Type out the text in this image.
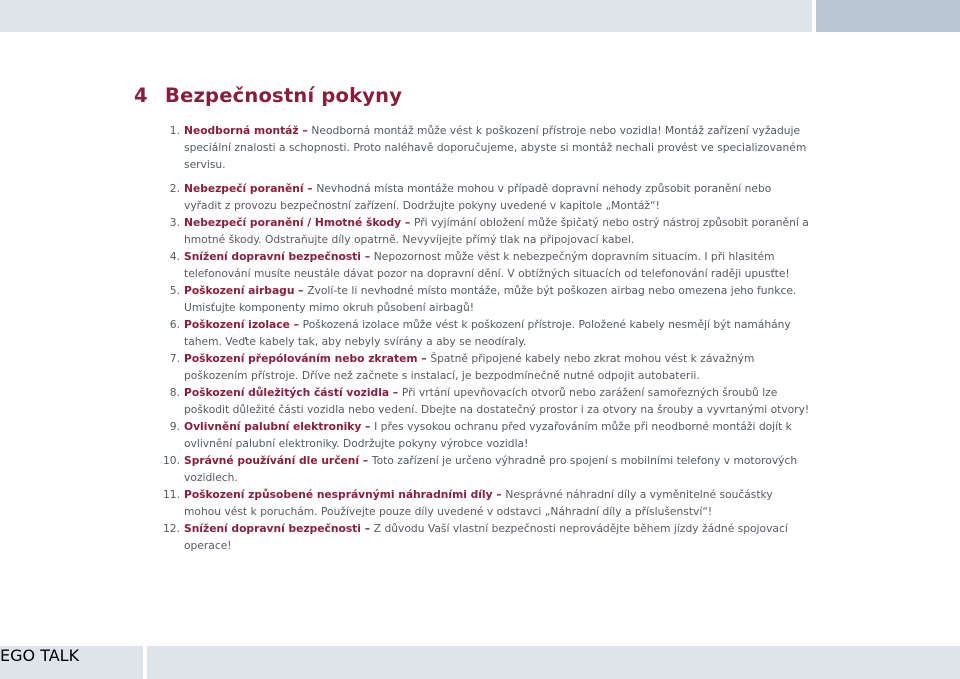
4 Bezpečnostní pokyny
1. Neodborná montáž – Neodborná montáž může vést k poškození přístroje nebo vozidla! Montáž zařízení vyžaduje speciální znalosti a schopnosti. Proto naléhavě doporučujeme, abyste si montáž nechali provést ve specializovaném servisu.
2. Nebezpečí poranění – Nevhodná místa montáže mohou v případě dopravní nehody způsobit poranění nebo vyřadit z provozu bezpečnostní zařízení. Dodržujte pokyny uvedené v kapitole „Montáž“!
3. Nebezpečí poranění / Hmotné škody – Při vyjímání obložení může špičatý nebo ostrý nástroj způsobit poranění a hmotné škody. Odstraňujte díly opatrně. Nevyvíjejte přímý tlak na připojovací kabel.
4. Snížení dopravní bezpečnosti – Nepozornost může vést k nebezpečným dopravním situacím. I při hlasitém telefonování musíte neustále dávat pozor na dopravní dění. V obtížných situacích od telefonování raději upusťte!
5. Poškození airbagu – Zvolí-te li nevhodné místo montáže, může být poškozen airbag nebo omezena jeho funkce. Umisťujte komponenty mimo okruh působení airbagů!
6. Poškození izolace – Poškozená izolace může vést k poškození přístroje. Položené kabely nesmějí být namáhány tahem. Veďte kabely tak, aby nebyly svírány a aby se neodíraly.
7. Poškození přepólováním nebo zkratem – Špatně připojené kabely nebo zkrat mohou vést k závažným poškozením přístroje. Dříve než začnete s instalací, je bezpodmínečně nutné odpojit autobaterii.
8. Poškození důležitých částí vozidla – Při vrtání upevňovacích otvorů nebo zarážení samořezných šroubů lze poškodit důležité části vozidla nebo vedení. Dbejte na dostatečný prostor i za otvory na šrouby a vyvrtanými otvory!
9. Ovlivnění palubní elektroniky – I přes vysokou ochranu před vyzařováním může při neodborné montáži dojít k ovlivnění palubní elektroniky. Dodržujte pokyny výrobce vozidla!
10. Správné používání dle určení – Toto zařízení je určeno výhradně pro spojení s mobilními telefony v motorových vozidlech.
11. Poškození způsobené nesprávnými náhradními díly – Nesprávné náhradní díly a vyměnitelné součástky mohou vést k poruchám. Používejte pouze díly uvedené v odstavci „Náhradní díly a příslušenství“!
12. Snížení dopravní bezpečnosti – Z důvodu Vaší vlastní bezpečnosti neprovádějte během jízdy žádné spojovací operace!
EGO TALK
